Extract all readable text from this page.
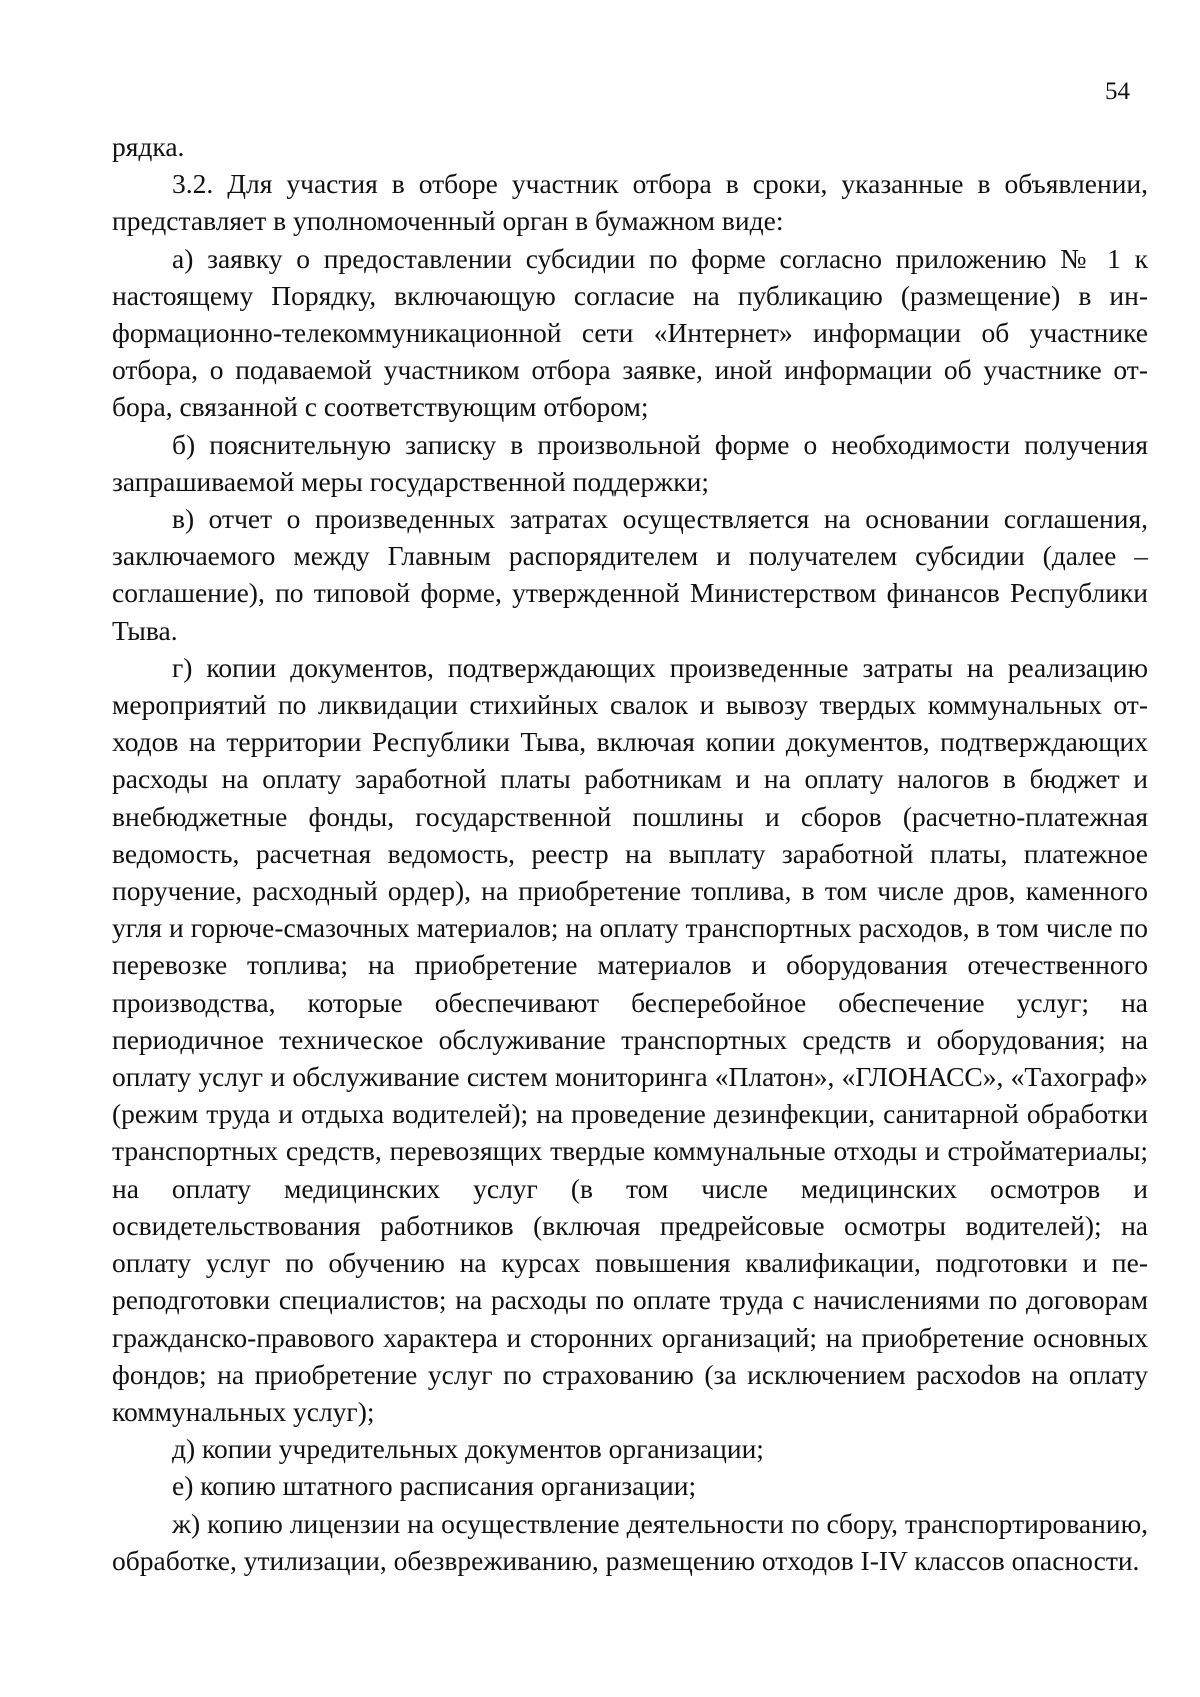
54

рядка.

3.2. Для участия в отборе участник отбора в сроки, указанные в объявлении, представляет в уполномоченный орган в бумажном виде:

а) заявку о предоставлении субсидии по форме согласно приложению № 1 к настоящему Порядку, включающую согласие на публикацию (размещение) в информационно-телекоммуникационной сети «Интернет» информации об участнике отбора, о подаваемой участником отбора заявке, иной информации об участнике отбора, связанной с соответствующим отбором;

б) пояснительную записку в произвольной форме о необходимости получения запрашиваемой меры государственной поддержки;

в) отчет о произведенных затратах осуществляется на основании соглашения, заключаемого между Главным распорядителем и получателем субсидии (далее – соглашение), по типовой форме, утвержденной Министерством финансов Республики Тыва.

г) копии документов, подтверждающих произведенные затраты на реализацию мероприятий по ликвидации стихийных свалок и вывозу твердых коммунальных отходов на территории Республики Тыва, включая копии документов, подтверждающих расходы на оплату заработной платы работникам и на оплату налогов в бюджет и внебюджетные фонды, государственной пошлины и сборов (расчетно-платежная ведомость, расчетная ведомость, реестр на выплату заработной платы, платежное поручение, расходный ордер), на приобретение топлива, в том числе дров, каменного угля и горюче-смазочных материалов; на оплату транспортных расходов, в том числе по перевозке топлива; на приобретение материалов и оборудования отечественного производства, которые обеспечивают бесперебойное обеспечение услуг; на периодичное техническое обслуживание транспортных средств и оборудования; на оплату услуг и обслуживание систем мониторинга «Платон», «ГЛОНАСС», «Тахограф» (режим труда и отдыха водителей); на проведение дезинфекции, санитарной обработки транспортных средств, перевозящих твердые коммунальные отходы и стройматериалы; на оплату медицинских услуг (в том числе медицинских осмотров и освидетельствования работников (включая предрейсовые осмотры водителей); на оплату услуг по обучению на курсах повышения квалификации, подготовки и переподготовки специалистов; на расходы по оплате труда с начислениями по договорам гражданско-правового характера и сторонних организаций; на приобретение основных фондов; на приобретение услуг по страхованию (за исключением расхоdов на оплату коммунальных услуг);

д) копии учредительных документов организации;

е) копию штатного расписания организации;

ж) копию лицензии на осуществление деятельности по сбору, транспортированию, обработке, утилизации, обезвреживанию, размещению отходов I-IV классов опасности.
